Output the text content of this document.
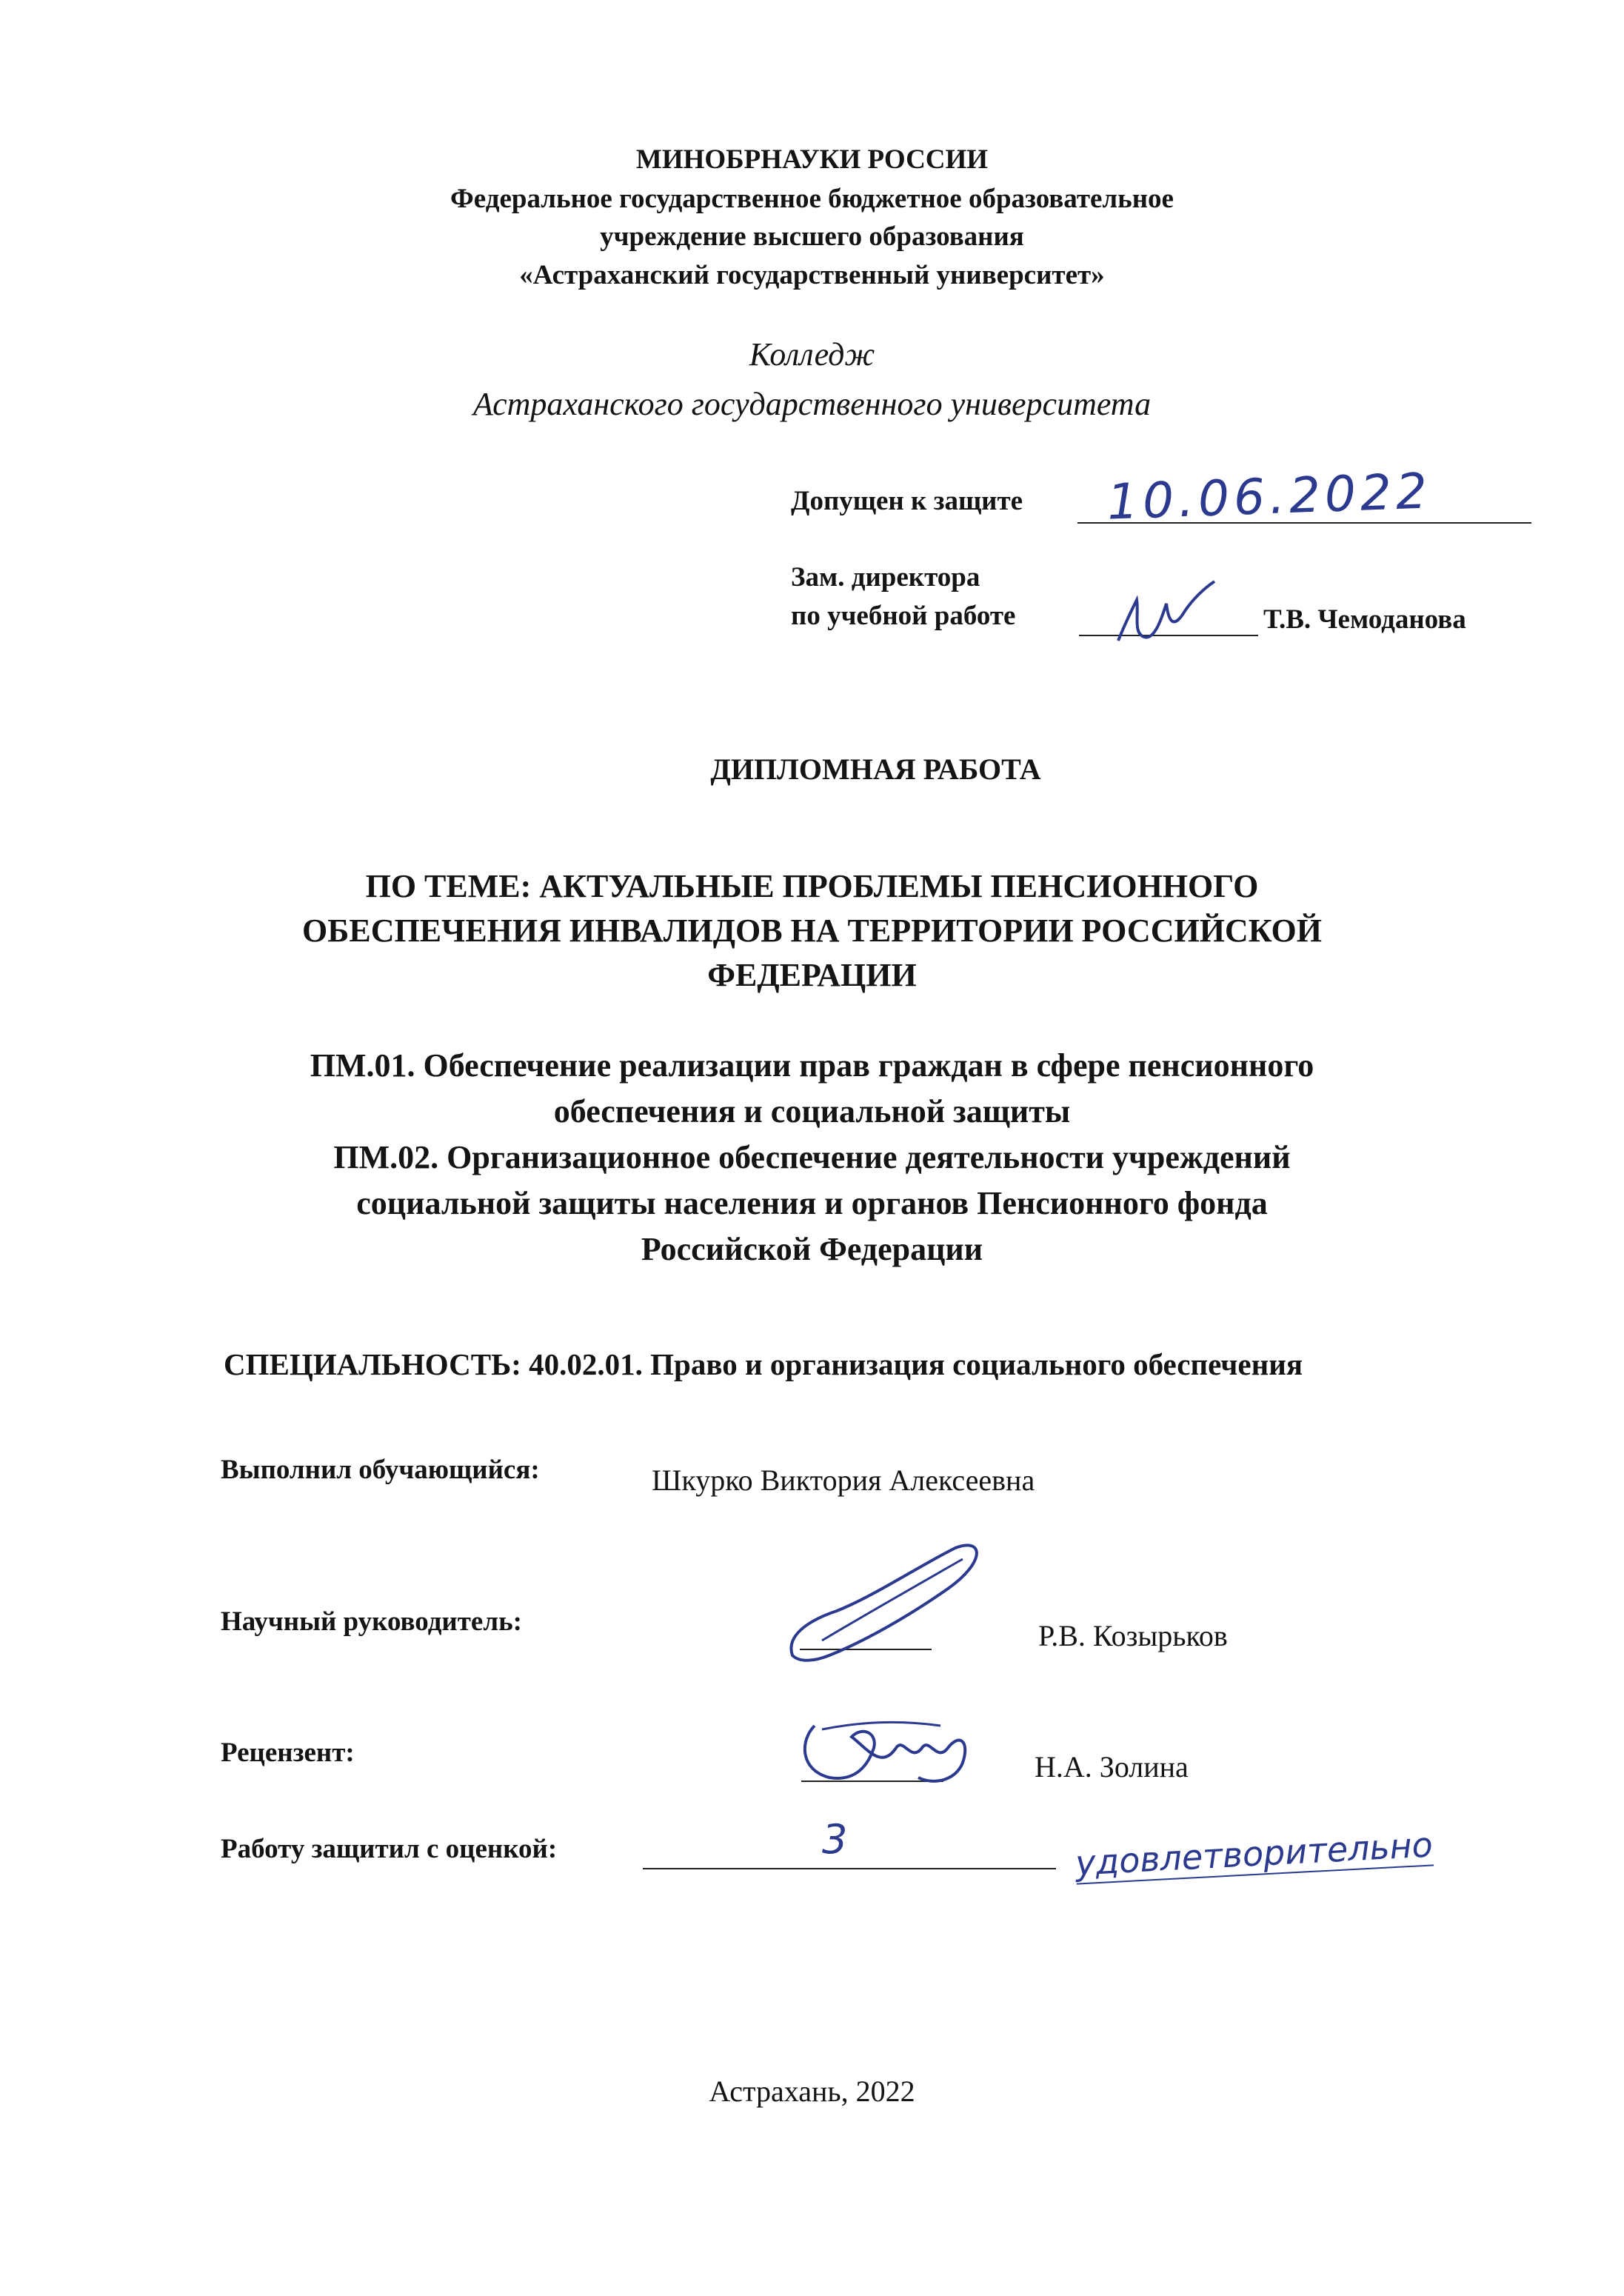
МИНОБРНАУКИ РОССИИ
Федеральное государственное бюджетное образовательное
учреждение высшего образования
«Астраханский государственный университет»
Колледж
Астраханского государственного университета
Допущен к защите 10.06.2022
Зам. директора
по учебной работе	Т.В. Чемоданова
ДИПЛОМНАЯ РАБОТА
ПО ТЕМЕ: АКТУАЛЬНЫЕ ПРОБЛЕМЫ ПЕНСИОННОГО
ОБЕСПЕЧЕНИЯ ИНВАЛИДОВ НА ТЕРРИТОРИИ РОССИЙСКОЙ
ФЕДЕРАЦИИ
ПМ.01. Обеспечение реализации прав граждан в сфере пенсионного
обеспечения и социальной защиты
ПМ.02. Организационное обеспечение деятельности учреждений
социальной защиты населения и органов Пенсионного фонда
Российской Федерации
СПЕЦИАЛЬНОСТЬ: 40.02.01. Право и организация социального обеспечения
Выполнил обучающийся:	Шкурко Виктория Алексеевна
Научный руководитель:	Р.В. Козырьков
Рецензент:	Н.А. Золина
Работу защитил с оценкой:	3	удовлетворительно
Астрахань, 2022
